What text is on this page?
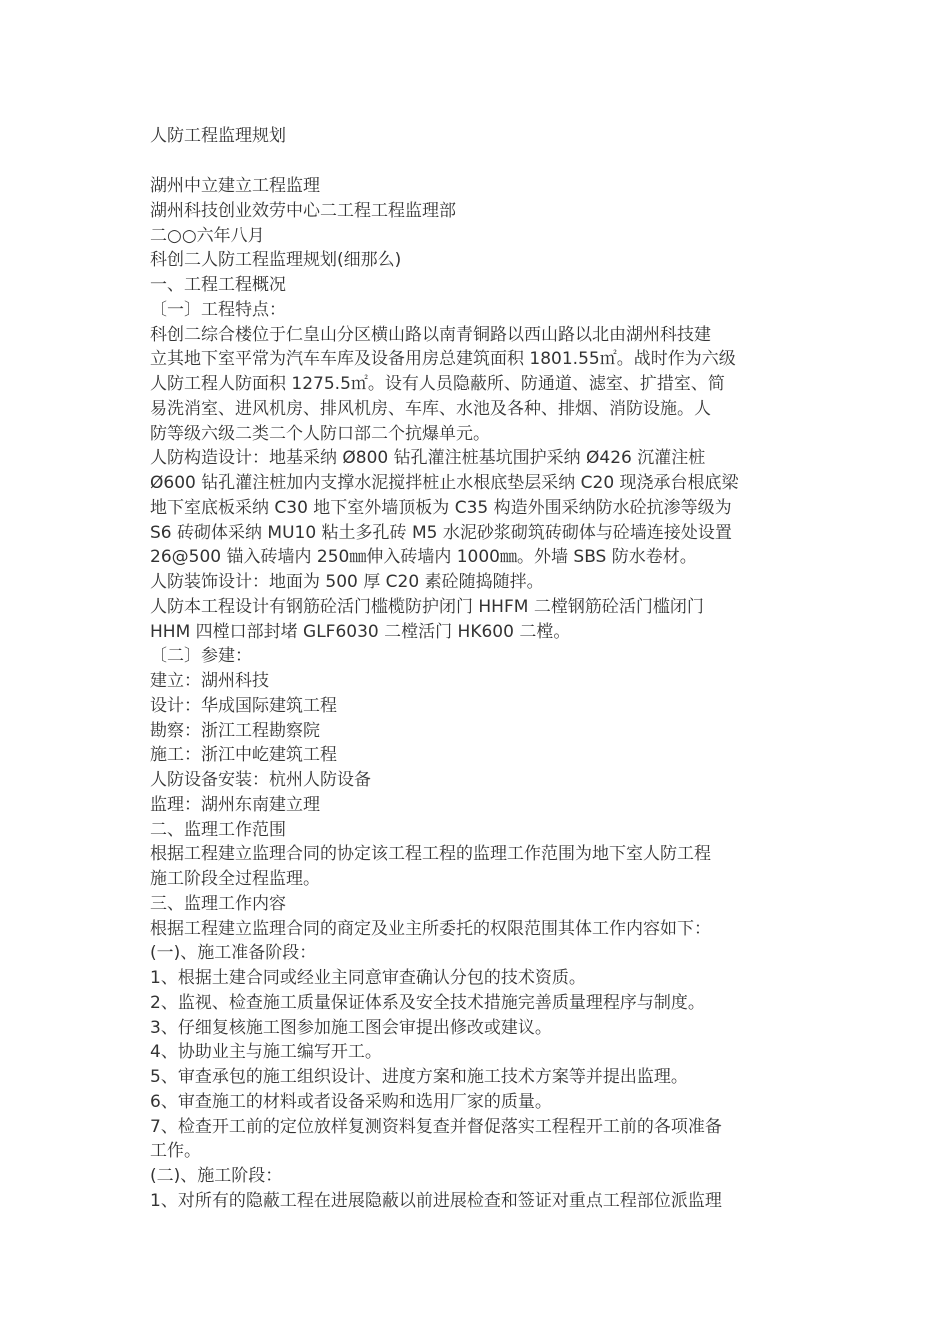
人防工程监理规划
湖州中立建立工程监理
湖州科技创业效劳中心二工程工程监理部
二○○六年八月
科创二人防工程监理规划(细那么)
一、工程工程概况
〔一〕工程特点：
科创二综合楼位于仁皇山分区横山路以南青铜路以西山路以北由湖州科技建
立其地下室平常为汽车车库及设备用房总建筑面积 1801.55㎡。战时作为六级
人防工程人防面积 1275.5㎡。设有人员隐蔽所、防通道、滤室、扩措室、简
易洗消室、进风机房、排风机房、车库、水池及各种、排烟、消防设施。人
防等级六级二类二个人防口部二个抗爆单元。
人防构造设计：地基采纳 Ø800 钻孔灌注桩基坑围护采纳 Ø426 沉灌注桩
Ø600 钻孔灌注桩加内支撑水泥搅拌桩止水根底垫层采纳 C20 现浇承台根底梁
地下室底板采纳 C30 地下室外墙顶板为 C35 构造外围采纳防水砼抗渗等级为
S6 砖砌体采纳 MU10 粘土多孔砖 M5 水泥砂浆砌筑砖砌体与砼墙连接处设置
26@500 锚入砖墙内 250㎜伸入砖墙内 1000㎜。外墙 SBS 防水卷材。
人防装饰设计：地面为 500 厚 C20 素砼随捣随拌。
人防本工程设计有钢筋砼活门槛榄防护闭门 HHFM 二樘钢筋砼活门槛闭门
HHM 四樘口部封堵 GLF6030 二樘活门 HK600 二樘。
〔二〕参建：
建立：湖州科技
设计：华成国际建筑工程
勘察：浙江工程勘察院
施工：浙江中屹建筑工程
人防设备安装：杭州人防设备
监理：湖州东南建立理
二、监理工作范围
根据工程建立监理合同的协定该工程工程的监理工作范围为地下室人防工程
施工阶段全过程监理。
三、监理工作内容
根据工程建立监理合同的商定及业主所委托的权限范围其体工作内容如下：
(一)、施工准备阶段：
1、根据土建合同或经业主同意审查确认分包的技术资质。
2、监视、检查施工质量保证体系及安全技术措施完善质量理程序与制度。
3、仔细复核施工图参加施工图会审提出修改或建议。
4、协助业主与施工编写开工。
5、审查承包的施工组织设计、进度方案和施工技术方案等并提出监理。
6、审查施工的材料或者设备采购和选用厂家的质量。
7、检查开工前的定位放样复测资料复查并督促落实工程程开工前的各项准备
工作。
(二)、施工阶段：
1、对所有的隐蔽工程在进展隐蔽以前进展检查和签证对重点工程部位派监理
